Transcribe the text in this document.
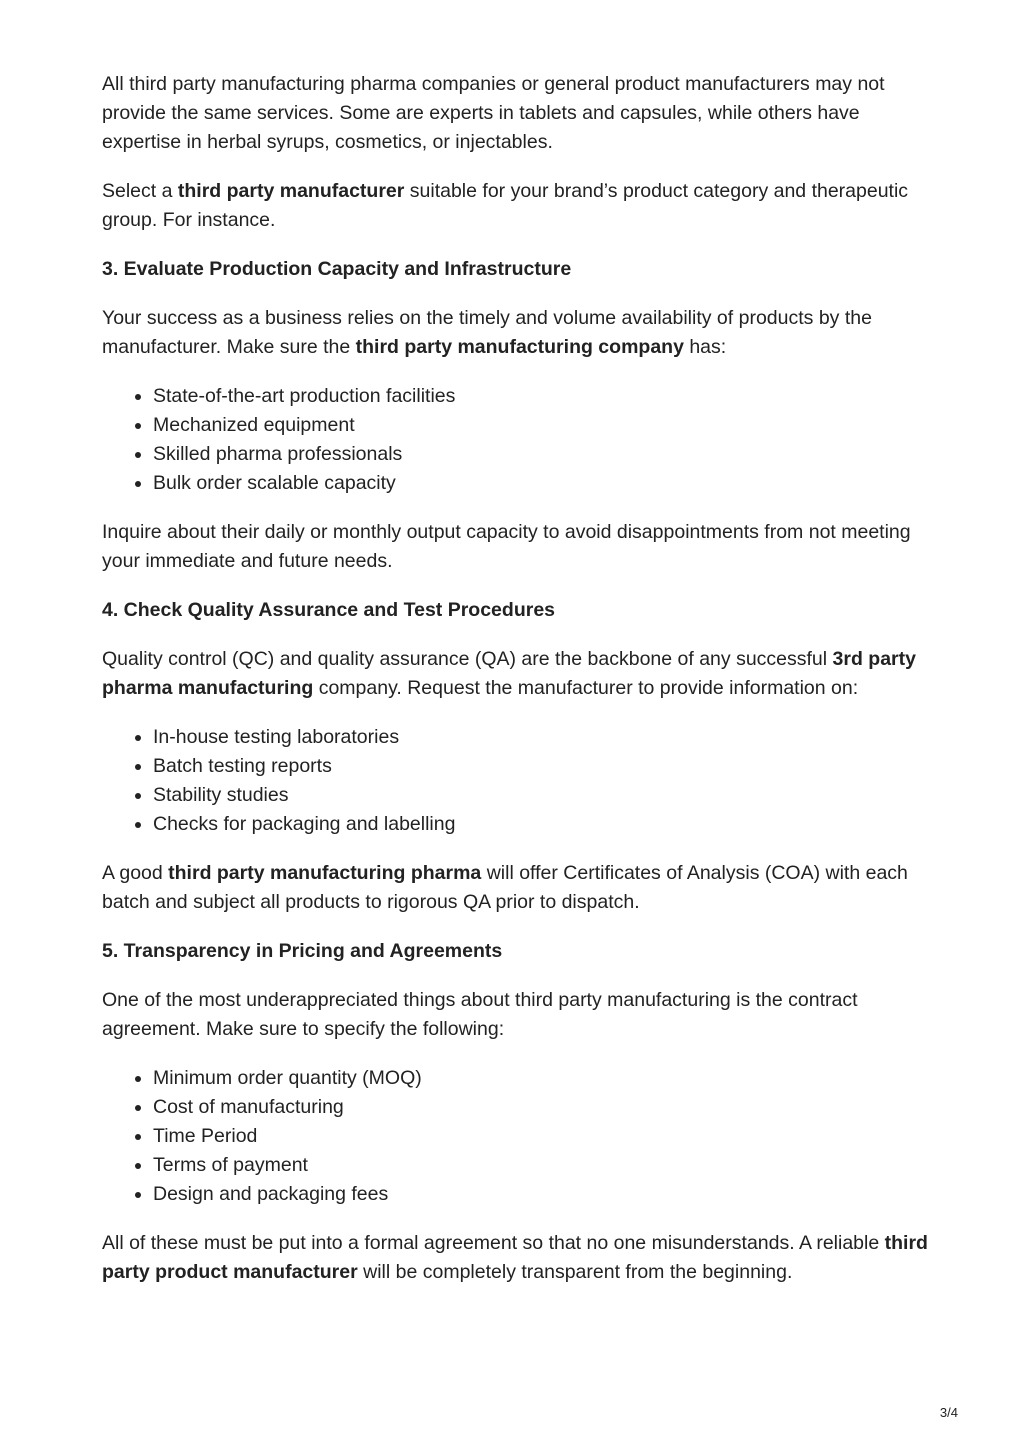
All third party manufacturing pharma companies or general product manufacturers may not provide the same services. Some are experts in tablets and capsules, while others have expertise in herbal syrups, cosmetics, or injectables.

Select a third party manufacturer suitable for your brand’s product category and therapeutic group. For instance.

3. Evaluate Production Capacity and Infrastructure

Your success as a business relies on the timely and volume availability of products by the manufacturer. Make sure the third party manufacturing company has:

• State-of-the-art production facilities
• Mechanized equipment
• Skilled pharma professionals
• Bulk order scalable capacity

Inquire about their daily or monthly output capacity to avoid disappointments from not meeting your immediate and future needs.

4. Check Quality Assurance and Test Procedures

Quality control (QC) and quality assurance (QA) are the backbone of any successful 3rd party pharma manufacturing company. Request the manufacturer to provide information on:

• In-house testing laboratories
• Batch testing reports
• Stability studies
• Checks for packaging and labelling

A good third party manufacturing pharma will offer Certificates of Analysis (COA) with each batch and subject all products to rigorous QA prior to dispatch.

5. Transparency in Pricing and Agreements

One of the most underappreciated things about third party manufacturing is the contract agreement. Make sure to specify the following:

• Minimum order quantity (MOQ)
• Cost of manufacturing
• Time Period
• Terms of payment
• Design and packaging fees

All of these must be put into a formal agreement so that no one misunderstands. A reliable third party product manufacturer will be completely transparent from the beginning.

3/4
